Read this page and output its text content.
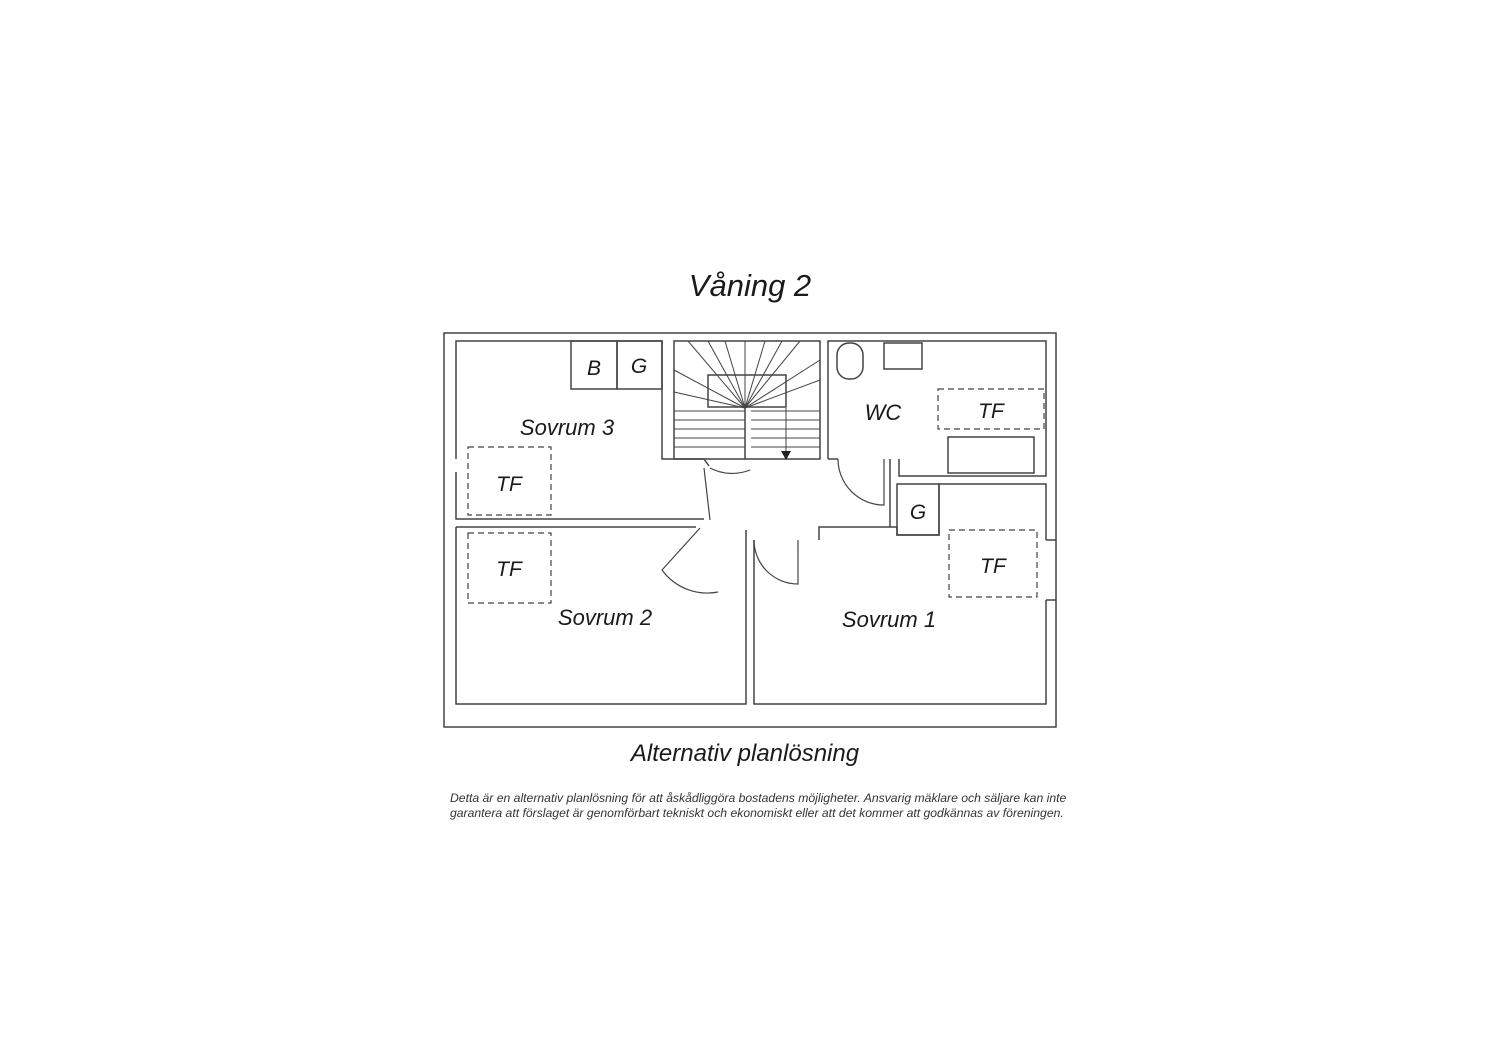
Våning 2
Sovrum 3
Sovrum 2	Sovrum 1
WC
B G
G
TF
TF
TF
TF
Alternativ planlösning
Detta är en alternativ planlösning för att åskådliggöra bostadens möjligheter. Ansvarig mäklare och säljare kan inte garantera att förslaget är genomförbart tekniskt och ekonomiskt eller att det kommer att godkännas av föreningen.
